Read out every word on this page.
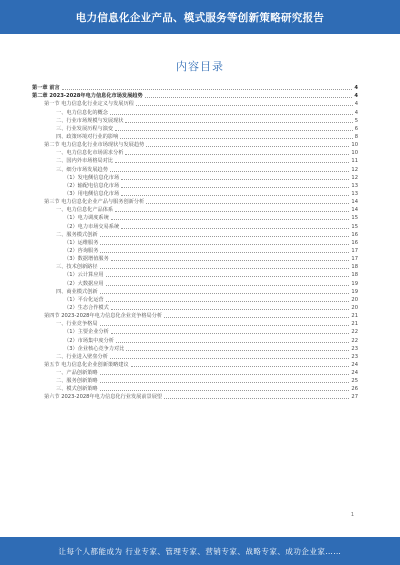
电力信息化企业产品、模式服务等创新策略研究报告
内容目录
第一章 前言	4
第二章 2023-2028年电力信息化市场发展趋势	4
第一节 电力信息化行业定义与发展历程	4
一、电力信息化的概念	4
二、行业市场规模与发展现状	5
三、行业发展历程与演变	6
四、政策环境对行业的影响	8
第二节 电力信息化行业市场现状与发展趋势	10
一、电力信息化市场需求分析	10
二、国内外市场格局对比	11
三、细分市场发展趋势	12
（1）发电侧信息化市场	12
（2）输配电信息化市场	13
（3）用电侧信息化市场	13
第三节 电力信息化企业产品与服务创新分析	14
一、电力信息化产品体系	14
（1）电力调度系统	15
（2）电力市场交易系统	15
二、服务模式创新	16
（1）运维服务	16
（2）咨询服务	17
（3）数据增值服务	17
三、技术创新路径	18
（1）云计算应用	18
（2）大数据应用	19
四、商业模式创新	19
（1）平台化运营	20
（2）生态合作模式	20
第四节 2023-2028年电力信息化企业竞争格局分析	21
一、行业竞争格局	21
（1）主要企业分析	22
（2）市场集中度分析	22
（3）企业核心竞争力对比	23
二、行业进入壁垒分析	23
第五节 电力信息化企业创新策略建议	24
一、产品创新策略	24
二、服务创新策略	25
三、模式创新策略	26
第六节 2023-2028年电力信息化行业发展前景展望	27
1
让每个人都能成为 行业专家、管理专家、营销专家、战略专家、成功企业家……
